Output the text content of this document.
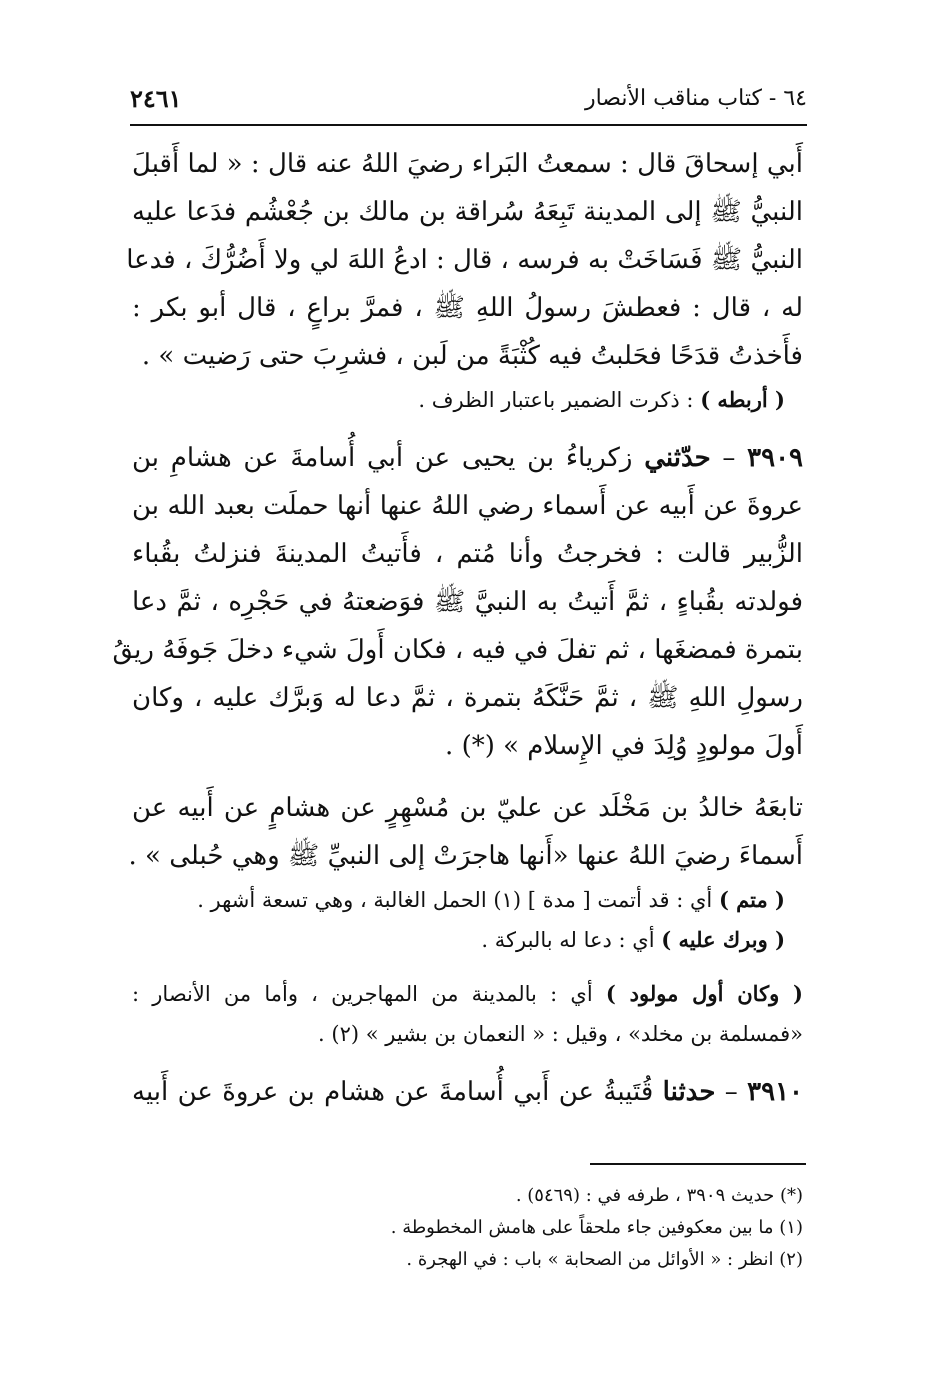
٢٤٦١	٦٤ - كتاب مناقب الأنصار
أَبي إسحاقَ قال : سمعتُ البَراء رضيَ اللهُ عنه قال : « لما أَقبلَ
النبيُّ ﷺ إلى المدينة تَبِعَهُ سُراقة بن مالك بن جُعْشُم فدَعا عليه
النبيُّ ﷺ فَسَاخَتْ به فرسه ، قال : ادعُ اللهَ لي ولا أَضُرُّكَ ، فدعا
له ، قال : فعطشَ رسولُ اللهِ ﷺ ، فمرَّ براعٍ ، قال أبو بكر :
فأَخذتُ قدَحًا فحَلبتُ فيه كُثْبَةً من لَبن ، فشرِبَ حتى رَضيت » .
( أربطه ) : ذكرت الضمير باعتبار الظرف .
٣٩٠٩ – حدّثني زكرياءُ بن يحيى عن أبي أُسامةَ عن هشامِ بن
عروةَ عن أَبيه عن أَسماء رضي اللهُ عنها أنها حملَت بعبد الله بن
الزُّبير قالت : فخرجتُ وأنا مُتم ، فأَتيتُ المدينةَ فنزلتُ بقُباء
فولدته بقُباءٍ ، ثمَّ أَتيتُ به النبيَّ ﷺ فوَضعتهُ في حَجْرِه ، ثمَّ دعا
بتمرة فمضغَها ، ثم تفلَ في فيه ، فكان أَولَ شيء دخلَ جَوفَهُ ريقُ
رسولِ اللهِ ﷺ ، ثمَّ حَنَّكَهُ بتمرة ، ثمَّ دعا له وَبرَّك عليه ، وكان
أَولَ مولودٍ وُلِدَ في الإِسلام » (*) .
تابعَهُ خالدُ بن مَخْلَد عن عليّ بن مُسْهِرٍ عن هشامٍ عن أَبيه عن
أَسماءَ رضيَ اللهُ عنها «أَنها هاجرَتْ إلى النبيِّ ﷺ وهي حُبلى » .
( متم ) أي : قد أتمت [ مدة ] (١) الحمل الغالبة ، وهي تسعة أشهر .
( وبرك عليه ) أي : دعا له بالبركة .
( وكان أول مولود ) أي : بالمدينة من المهاجرين ، وأما من الأنصار :
«فمسلمة بن مخلد» ، وقيل : « النعمان بن بشير » (٢) .
٣٩١٠ – حدثنا قُتَيبةُ عن أَبي أُسامةَ عن هشام بن عروةَ عن أَبيه
(*) حديث ٣٩٠٩ ، طرفه في : (٥٤٦٩) .
(١) ما بين معكوفين جاء ملحقاً على هامش المخطوطة .
(٢) انظر : « الأوائل من الصحابة » باب : في الهجرة .
